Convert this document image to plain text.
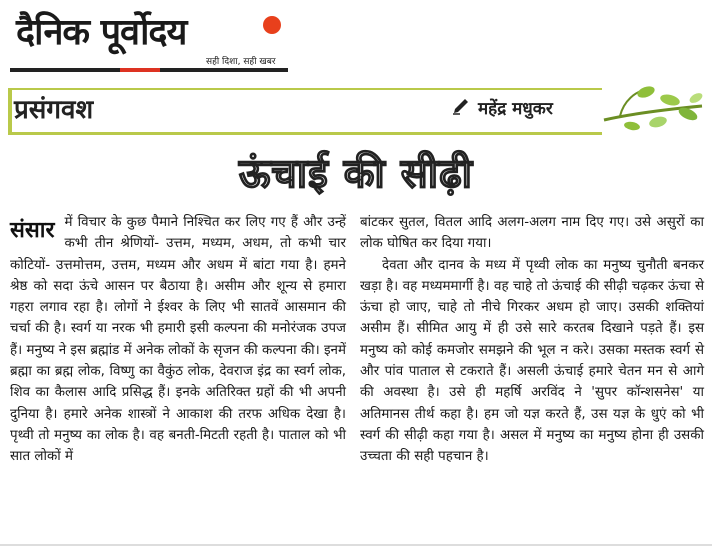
दैनिक पूर्वोदय
सही दिशा, सही खबर
प्रसंगवश	महेंद्र मधुकर
ऊंचाई की सीढ़ी

संसार में विचार के कुछ पैमाने निश्चित कर लिए गए हैं और उन्हें कभी तीन श्रेणियों- उत्तम, मध्यम, अधम, तो कभी चार कोटियों- उत्तमोत्तम, उत्तम, मध्यम और अधम में बांटा गया है। हमने श्रेष्ठ को सदा ऊंचे आसन पर बैठाया है। असीम और शून्य से हमारा गहरा लगाव रहा है। लोगों ने ईश्वर के लिए भी सातवें आसमान की चर्चा की है। स्वर्ग या नरक भी हमारी इसी कल्पना की मनोरंजक उपज हैं। मनुष्य ने इस ब्रह्मांड में अनेक लोकों के सृजन की कल्पना की। इनमें ब्रह्मा का ब्रह्म लोक, विष्णु का वैकुंठ लोक, देवराज इंद्र का स्वर्ग लोक, शिव का कैलास आदि प्रसिद्ध हैं। इनके अतिरिक्त ग्रहों की भी अपनी दुनिया है। हमारे अनेक शास्त्रों ने आकाश की तरफ अधिक देखा है। पृथ्वी तो मनुष्य का लोक है। वह बनती-मिटती रहती है। पाताल को भी सात लोकों में

बांटकर सुतल, वितल आदि अलग-अलग नाम दिए गए। उसे असुरों का लोक घोषित कर दिया गया।

देवता और दानव के मध्य में पृथ्वी लोक का मनुष्य चुनौती बनकर खड़ा है। वह मध्यममार्गी है। वह चाहे तो ऊंचाई की सीढ़ी चढ़कर ऊंचा से ऊंचा हो जाए, चाहे तो नीचे गिरकर अधम हो जाए। उसकी शक्तियां असीम हैं। सीमित आयु में ही उसे सारे करतब दिखाने पड़ते हैं। इस मनुष्य को कोई कमजोर समझने की भूल न करे। उसका मस्तक स्वर्ग से और पांव पाताल से टकराते हैं। असली ऊंचाई हमारे चेतन मन से आगे की अवस्था है। उसे ही महर्षि अरविंद ने 'सुपर कॉन्शसनेस' या अतिमानस तीर्थ कहा है। हम जो यज्ञ करते हैं, उस यज्ञ के धुएं को भी स्वर्ग की सीढ़ी कहा गया है। असल में मनुष्य का मनुष्य होना ही उसकी उच्चता की सही पहचान है।
